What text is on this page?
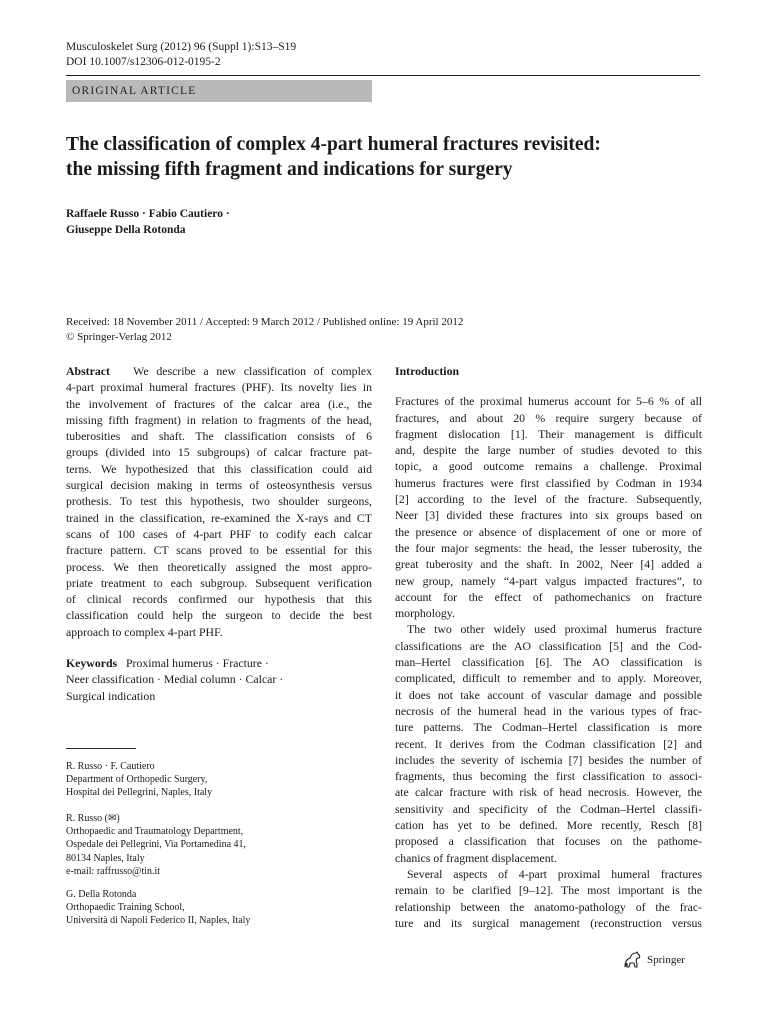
Musculoskelet Surg (2012) 96 (Suppl 1):S13–S19
DOI 10.1007/s12306-012-0195-2
ORIGINAL ARTICLE
The classification of complex 4-part humeral fractures revisited:
the missing fifth fragment and indications for surgery
Raffaele Russo · Fabio Cautiero ·
Giuseppe Della Rotonda
Received: 18 November 2011 / Accepted: 9 March 2012 / Published online: 19 April 2012
© Springer-Verlag 2012
Abstract We describe a new classification of complex
4-part proximal humeral fractures (PHF). Its novelty lies in
the involvement of fractures of the calcar area (i.e., the
missing fifth fragment) in relation to fragments of the head,
tuberosities and shaft. The classification consists of 6
groups (divided into 15 subgroups) of calcar fracture pat-
terns. We hypothesized that this classification could aid
surgical decision making in terms of osteosynthesis versus
prothesis. To test this hypothesis, two shoulder surgeons,
trained in the classification, re-examined the X-rays and CT
scans of 100 cases of 4-part PHF to codify each calcar
fracture pattern. CT scans proved to be essential for this
process. We then theoretically assigned the most appro-
priate treatment to each subgroup. Subsequent verification
of clinical records confirmed our hypothesis that this
classification could help the surgeon to decide the best
approach to complex 4-part PHF.
Keywords Proximal humerus · Fracture ·
Neer classification · Medial column · Calcar ·
Surgical indication
R. Russo · F. Cautiero
Department of Orthopedic Surgery,
Hospital dei Pellegrini, Naples, Italy
R. Russo (✉)
Orthopaedic and Traumatology Department,
Ospedale dei Pellegrini, Via Portamedina 41,
80134 Naples, Italy
e-mail: raffrusso@tin.it
G. Della Rotonda
Orthopaedic Training School,
Università di Napoli Federico II, Naples, Italy
Introduction
Fractures of the proximal humerus account for 5–6 % of all
fractures, and about 20 % require surgery because of
fragment dislocation [1]. Their management is difficult
and, despite the large number of studies devoted to this
topic, a good outcome remains a challenge. Proximal
humerus fractures were first classified by Codman in 1934
[2] according to the level of the fracture. Subsequently,
Neer [3] divided these fractures into six groups based on
the presence or absence of displacement of one or more of
the four major segments: the head, the lesser tuberosity, the
great tuberosity and the shaft. In 2002, Neer [4] added a
new group, namely “4-part valgus impacted fractures”, to
account for the effect of pathomechanics on fracture
morphology.
The two other widely used proximal humerus fracture
classifications are the AO classification [5] and the Cod-
man–Hertel classification [6]. The AO classification is
complicated, difficult to remember and to apply. Moreover,
it does not take account of vascular damage and possible
necrosis of the humeral head in the various types of frac-
ture patterns. The Codman–Hertel classification is more
recent. It derives from the Codman classification [2] and
includes the severity of ischemia [7] besides the number of
fragments, thus becoming the first classification to associ-
ate calcar fracture with risk of head necrosis. However, the
sensitivity and specificity of the Codman–Hertel classifi-
cation has yet to be defined. More recently, Resch [8]
proposed a classification that focuses on the pathome-
chanics of fragment displacement.
Several aspects of 4-part proximal humeral fractures
remain to be clarified [9–12]. The most important is the
relationship between the anatomo-pathology of the frac-
ture and its surgical management (reconstruction versus
Springer
